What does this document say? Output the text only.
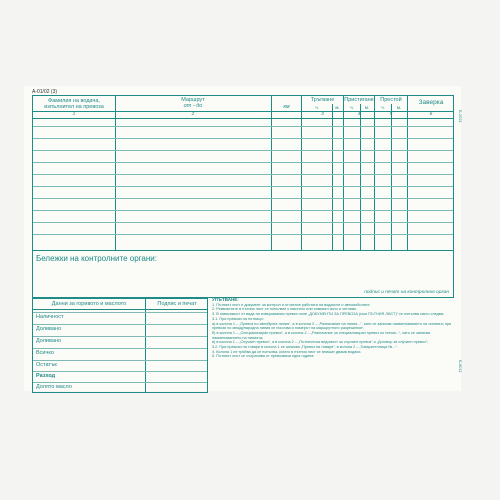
А-01/02 (3)
Фамилия на водача, изпълнител на превоза
Маршрут
от - до	км
Тръгване	Пристигане	Престой	Заверка
ч.	м.	ч.	м.	ч.	м.
1	2	3	4	5	6
Бележки на контролните органи:
подпис и печат на контролния орган
Данни за горивото и маслото	Подпис и печат
Наличност
Доливано
Доливано
Всичко
Остатък
Разход
Долято масло
УПЪТВАНЕ:
1. Пътният лист е документ за контрол и отчитане работата на водачите и автомобилите.
2. Реквизитите в пътния лист се попълват с мастило или химикал ясно и четливо.
3. В зависимост от вида на извършвания превоз поле „ДОКУМЕНТИ ЗА ПРЕВОЗА (към ПЪТНИЯ ЛИСТ)“ се попълва както следва:
3.1. При превози на пътници:
а) в колона 1 – „Превоз по автобусна линия“, а в колона 2 – „Разписание на линия...“, като се записва наименованието на линията; при превози по международна линия се посочва и номерът на маршрутното разрешение;
б) в колона 1 – „Специализиран превоз“, а в колона 2 – „Разписание за специализиран превоз по линия...“, като се записва наименованието на линията;
в) в колона 1 – „Случаен превоз“, а в колона 2 – „Пътническа ведомост за случаен превоз“ и „Договор за случаен превоз“;
3.2. При превози на товари в колона 1 се записва „Превоз на товари“, в колона 2 – „Товарителница №...“.
4. Колона 1 не трябва да се попълва, когато в пътния лист се впишат двама водачи.
5. Пътният лист се съхранява от превозвача една година.
Б-2021
Б-6011
